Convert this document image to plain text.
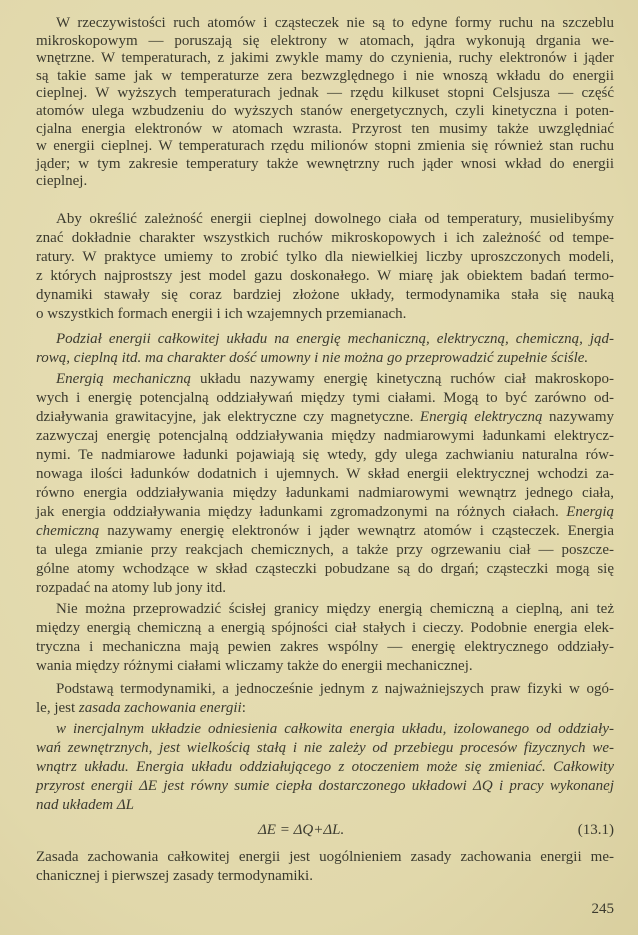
W rzeczywistości ruch atomów i cząsteczek nie są to edyne formy ruchu na szczeblu
mikroskopowym — poruszają się elektrony w atomach, jądra wykonują drgania we-
wnętrzne. W temperaturach, z jakimi zwykle mamy do czynienia, ruchy elektronów i jąder
są takie same jak w temperaturze zera bezwzględnego i nie wnoszą wkładu do energii
cieplnej. W wyższych temperaturach jednak — rzędu kilkuset stopni Celsjusza — część
atomów ulega wzbudzeniu do wyższych stanów energetycznych, czyli kinetyczna i poten-
cjalna energia elektronów w atomach wzrasta. Przyrost ten musimy także uwzględniać
w energii cieplnej. W temperaturach rzędu milionów stopni zmienia się również stan ruchu
jąder; w tym zakresie temperatury także wewnętrzny ruch jąder wnosi wkład do energii
cieplnej.
Aby określić zależność energii cieplnej dowolnego ciała od temperatury, musielibyśmy
znać dokładnie charakter wszystkich ruchów mikroskopowych i ich zależność od tempe-
ratury. W praktyce umiemy to zrobić tylko dla niewielkiej liczby uproszczonych modeli,
z których najprostszy jest model gazu doskonałego. W miarę jak obiektem badań termo-
dynamiki stawały się coraz bardziej złożone układy, termodynamika stała się nauką
o wszystkich formach energii i ich wzajemnych przemianach.
Podział energii całkowitej układu na energię mechaniczną, elektryczną, chemiczną, jąd-
rową, cieplną itd. ma charakter dość umowny i nie można go przeprowadzić zupełnie ściśle.
Energią mechaniczną układu nazywamy energię kinetyczną ruchów ciał makroskopo-
wych i energię potencjalną oddziaływań między tymi ciałami. Mogą to być zarówno od-
działywania grawitacyjne, jak elektryczne czy magnetyczne. Energią elektryczną nazywamy
zazwyczaj energię potencjalną oddziaływania między nadmiarowymi ładunkami elektrycz-
nymi. Te nadmiarowe ładunki pojawiają się wtedy, gdy ulega zachwianiu naturalna rów-
nowaga ilości ładunków dodatnich i ujemnych. W skład energii elektrycznej wchodzi za-
równo energia oddziaływania między ładunkami nadmiarowymi wewnątrz jednego ciała,
jak energia oddziaływania między ładunkami zgromadzonymi na różnych ciałach. Energią
chemiczną nazywamy energię elektronów i jąder wewnątrz atomów i cząsteczek. Energia
ta ulega zmianie przy reakcjach chemicznych, a także przy ogrzewaniu ciał — poszcze-
gólne atomy wchodzące w skład cząsteczki pobudzane są do drgań; cząsteczki mogą się
rozpadać na atomy lub jony itd.
Nie można przeprowadzić ścisłej granicy między energią chemiczną a cieplną, ani też
między energią chemiczną a energią spójności ciał stałych i cieczy. Podobnie energia elek-
tryczna i mechaniczna mają pewien zakres wspólny — energię elektrycznego oddziały-
wania między różnymi ciałami wliczamy także do energii mechanicznej.
Podstawą termodynamiki, a jednocześnie jednym z najważniejszych praw fizyki w ogó-
le, jest zasada zachowania energii:
w inercjalnym układzie odniesienia całkowita energia układu, izolowanego od oddziały-
wań zewnętrznych, jest wielkością stałą i nie zależy od przebiegu procesów fizycznych we-
wnątrz układu. Energia układu oddziałującego z otoczeniem może się zmieniać. Całkowity
przyrost energii ΔE jest równy sumie ciepła dostarczonego układowi ΔQ i pracy wykonanej
nad układem ΔL
ΔE = ΔQ+ΔL.	(13.1)
Zasada zachowania całkowitej energii jest uogólnieniem zasady zachowania energii me-
chanicznej i pierwszej zasady termodynamiki.
245
